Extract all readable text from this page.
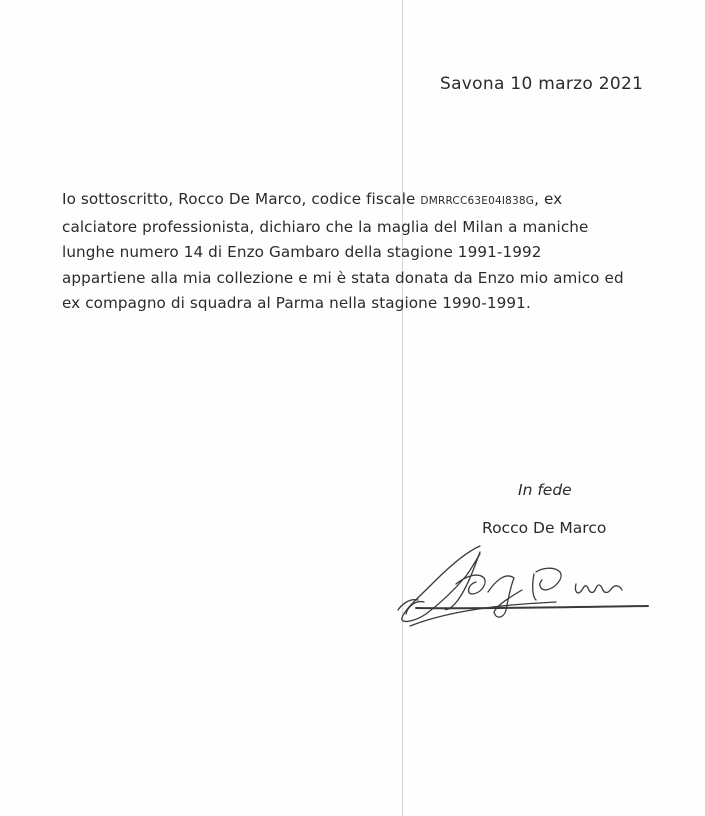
Savona 10 marzo 2021
Io sottoscritto, Rocco De Marco, codice fiscale DMRRCC63E04I838G, ex
calciatore professionista, dichiaro che la maglia del Milan a maniche
lunghe numero 14 di Enzo Gambaro della stagione 1991-1992
appartiene alla mia collezione e mi è stata donata da Enzo mio amico ed
ex compagno di squadra al Parma nella stagione 1990-1991.
In fede
Rocco De Marco
